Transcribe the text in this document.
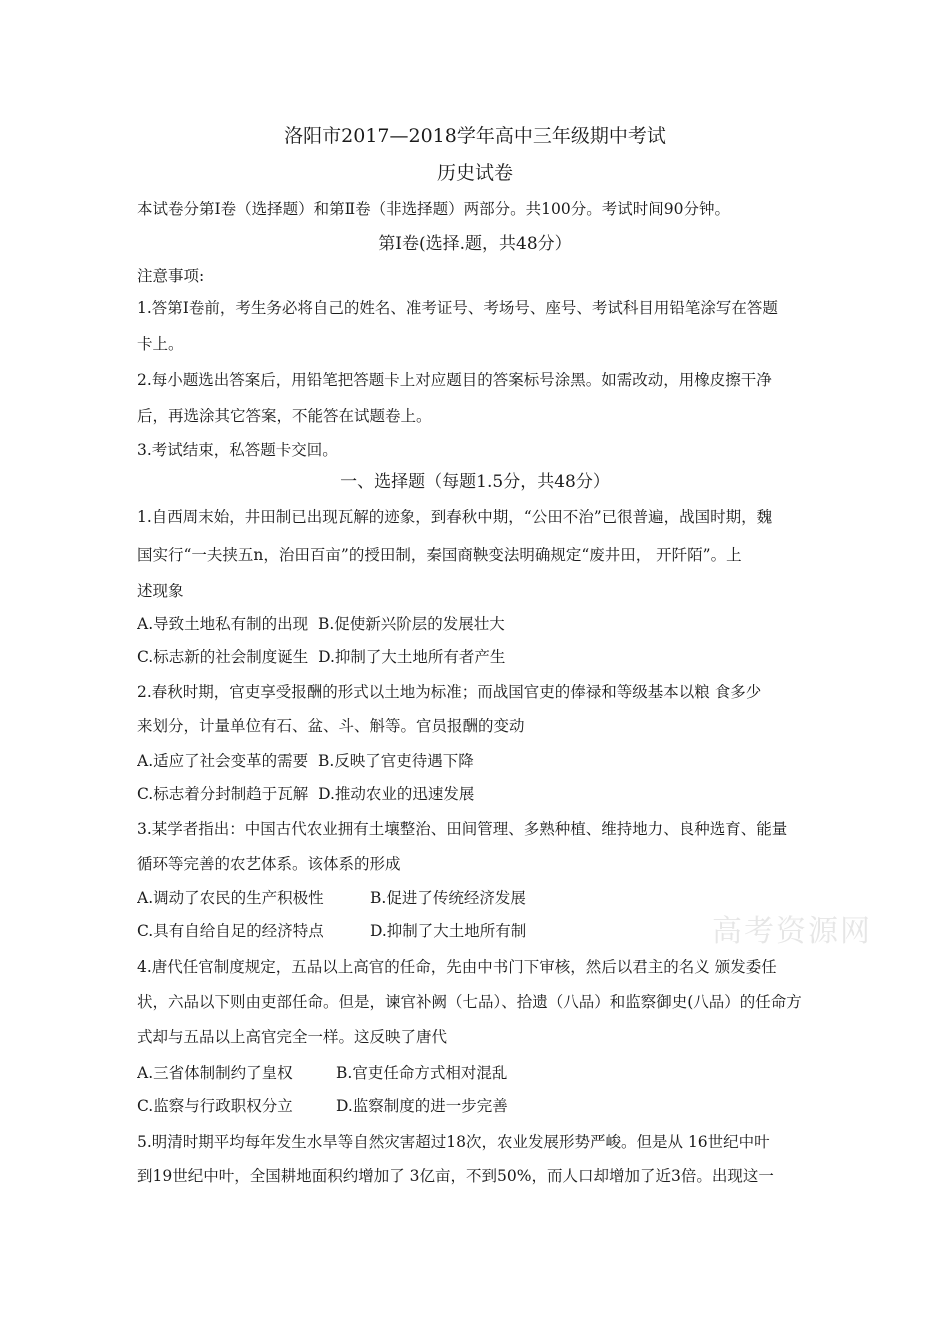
洛阳市2017—2018学年高中三年级期中考试
历史试卷
本试卷分第Ⅰ卷（选择题）和第Ⅱ卷（非选择题）两部分。共100分。考试时间90分钟。
第Ⅰ卷(选择.题，共48分）
注意事项:
1.答第Ⅰ卷前，考生务必将自己的姓名、准考证号、考场号、座号、考试科目用铅笔涂写在答题
卡上。
2.每小题选出答案后，用铅笔把答题卡上对应题目的答案标号涂黑。如需改动，用橡皮擦干净
后，再选涂其它答案，不能答在试题卷上。
3.考试结束，私答题卡交回。
一、选择题（每题1.5分，共48分）
1.自西周末始，井田制已出现瓦解的迹象，到春秋中期，“公田不治”已很普遍，战国时期，魏
国实行“一夫挟五n，治田百亩”的授田制，秦国商鞅变法明确规定“废井田， 开阡陌”。上
述现象
A.导致土地私有制的出现 B.促使新兴阶层的发展壮大
C.标志新的社会制度诞生 D.抑制了大土地所有者产生
2.春秋时期，官吏享受报酬的形式以土地为标准；而战国官吏的俸禄和等级基本以粮 食多少
来划分，计量单位有石、盆、斗、斛等。官员报酬的变动
A.适应了社会变革的需要 B.反映了官吏待遇下降
C.标志着分封制趋于瓦解 D.推动农业的迅速发展
3.某学者指出：中国古代农业拥有土壤整治、田间管理、多熟种植、维持地力、良种选育、能量
循环等完善的农艺体系。该体系的形成
A.调动了农民的生产积极性	B.促进了传统经济发展
C.具有自给自足的经济特点	D.抑制了大土地所有制
4.唐代任官制度规定，五品以上高官的任命，先由中书门下审核，然后以君主的名义 颁发委任
状，六品以下则由吏部任命。但是，谏官补阙（七品）、拾遗（八品）和监察御史(八品）的任命方
式却与五品以上高官完全一样。这反映了唐代
A.三省体制制约了皇权	B.官吏任命方式相对混乱
C.监察与行政职权分立	D.监察制度的进一步完善
5.明清时期平均每年发生水旱等自然灾害超过18次，农业发展形势严峻。但是从 16世纪中叶
到19世纪中叶，全国耕地面积约增加了 3亿亩，不到50%，而人口却增加了近3倍。出现这一
高考资源网
